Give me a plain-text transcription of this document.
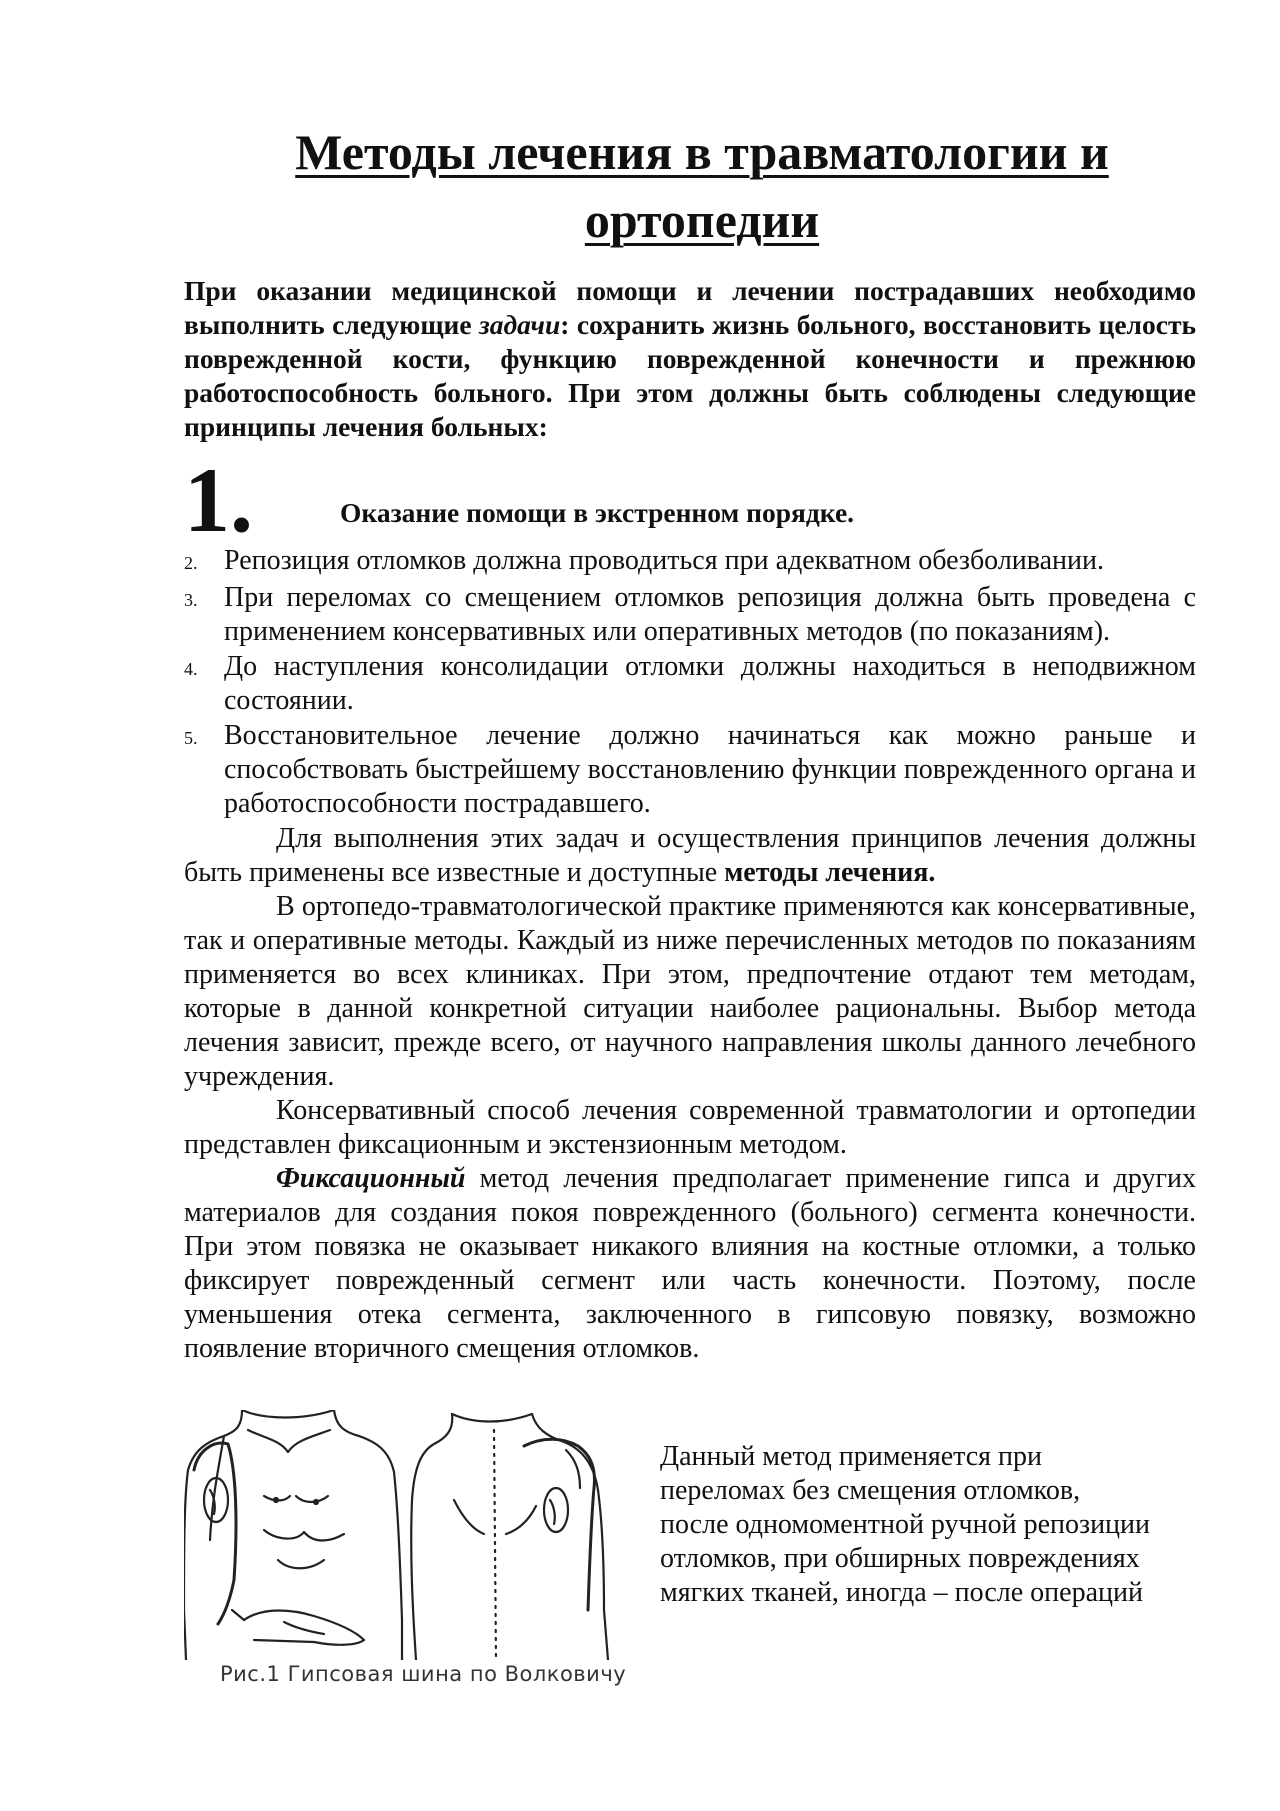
Методы лечения в травматологии и
ортопедии

При оказании медицинской помощи и лечении пострадавших необходимо выполнить следующие задачи: сохранить жизнь больного, восстановить целость поврежденной кости, функцию поврежденной конечности и прежнюю работоспособность больного. При этом должны быть соблюдены следующие принципы лечения больных:

1.	Оказание помощи в экстренном порядке.
2. Репозиция отломков должна проводиться при адекватном обезболивании.
3. При переломах со смещением отломков репозиция должна быть проведена с применением консервативных или оперативных методов (по показаниям).
4. До наступления консолидации отломки должны находиться в неподвижном состоянии.
5. Восстановительное лечение должно начинаться как можно раньше и способствовать быстрейшему восстановлению функции поврежденного органа и работоспособности пострадавшего.

Для выполнения этих задач и осуществления принципов лечения должны быть применены все известные и доступные методы лечения.

В ортопедо-травматологической практике применяются как консервативные, так и оперативные методы. Каждый из ниже перечисленных методов по показаниям применяется во всех клиниках. При этом, предпочтение отдают тем методам, которые в данной конкретной ситуации наиболее рациональны. Выбор метода лечения зависит, прежде всего, от научного направления школы данного лечебного учреждения.

Консервативный способ лечения современной травматологии и ортопедии представлен фиксационным и экстензионным методом.

Фиксационный метод лечения предполагает применение гипса и других материалов для создания покоя поврежденного (больного) сегмента конечности. При этом повязка не оказывает никакого влияния на костные отломки, а только фиксирует поврежденный сегмент или часть конечности. Поэтому, после уменьшения отека сегмента, заключенного в гипсовую повязку, возможно появление вторичного смещения отломков.

Рис.1 Гипсовая шина по Волковичу
Данный метод применяется при
переломах без смещения отломков,
после одномоментной ручной репозиции
отломков, при обширных повреждениях
мягких тканей, иногда – после операций
